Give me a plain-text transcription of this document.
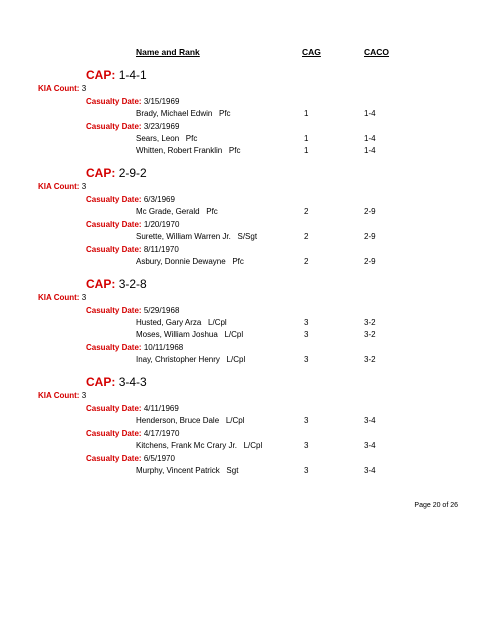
Name and Rank	CAG	CACO
CAP: 1-4-1
KIA Count: 3
Casualty Date: 3/15/1969
Brady, Michael Edwin   Pfc	1	1-4
Casualty Date: 3/23/1969
Sears, Leon   Pfc	1	1-4
Whitten, Robert Franklin   Pfc	1	1-4
CAP: 2-9-2
KIA Count: 3
Casualty Date: 6/3/1969
Mc Grade, Gerald   Pfc	2	2-9
Casualty Date: 1/20/1970
Surette, William Warren Jr.   S/Sgt	2	2-9
Casualty Date: 8/11/1970
Asbury, Donnie Dewayne   Pfc	2	2-9
CAP: 3-2-8
KIA Count: 3
Casualty Date: 5/29/1968
Husted, Gary Arza   L/Cpl	3	3-2
Moses, William Joshua   L/Cpl	3	3-2
Casualty Date: 10/11/1968
Inay, Christopher Henry   L/Cpl	3	3-2
CAP: 3-4-3
KIA Count: 3
Casualty Date: 4/11/1969
Henderson, Bruce Dale   L/Cpl	3	3-4
Casualty Date: 4/17/1970
Kitchens, Frank Mc Crary Jr.   L/Cpl	3	3-4
Casualty Date: 6/5/1970
Murphy, Vincent Patrick   Sgt	3	3-4
Page 20 of 26
